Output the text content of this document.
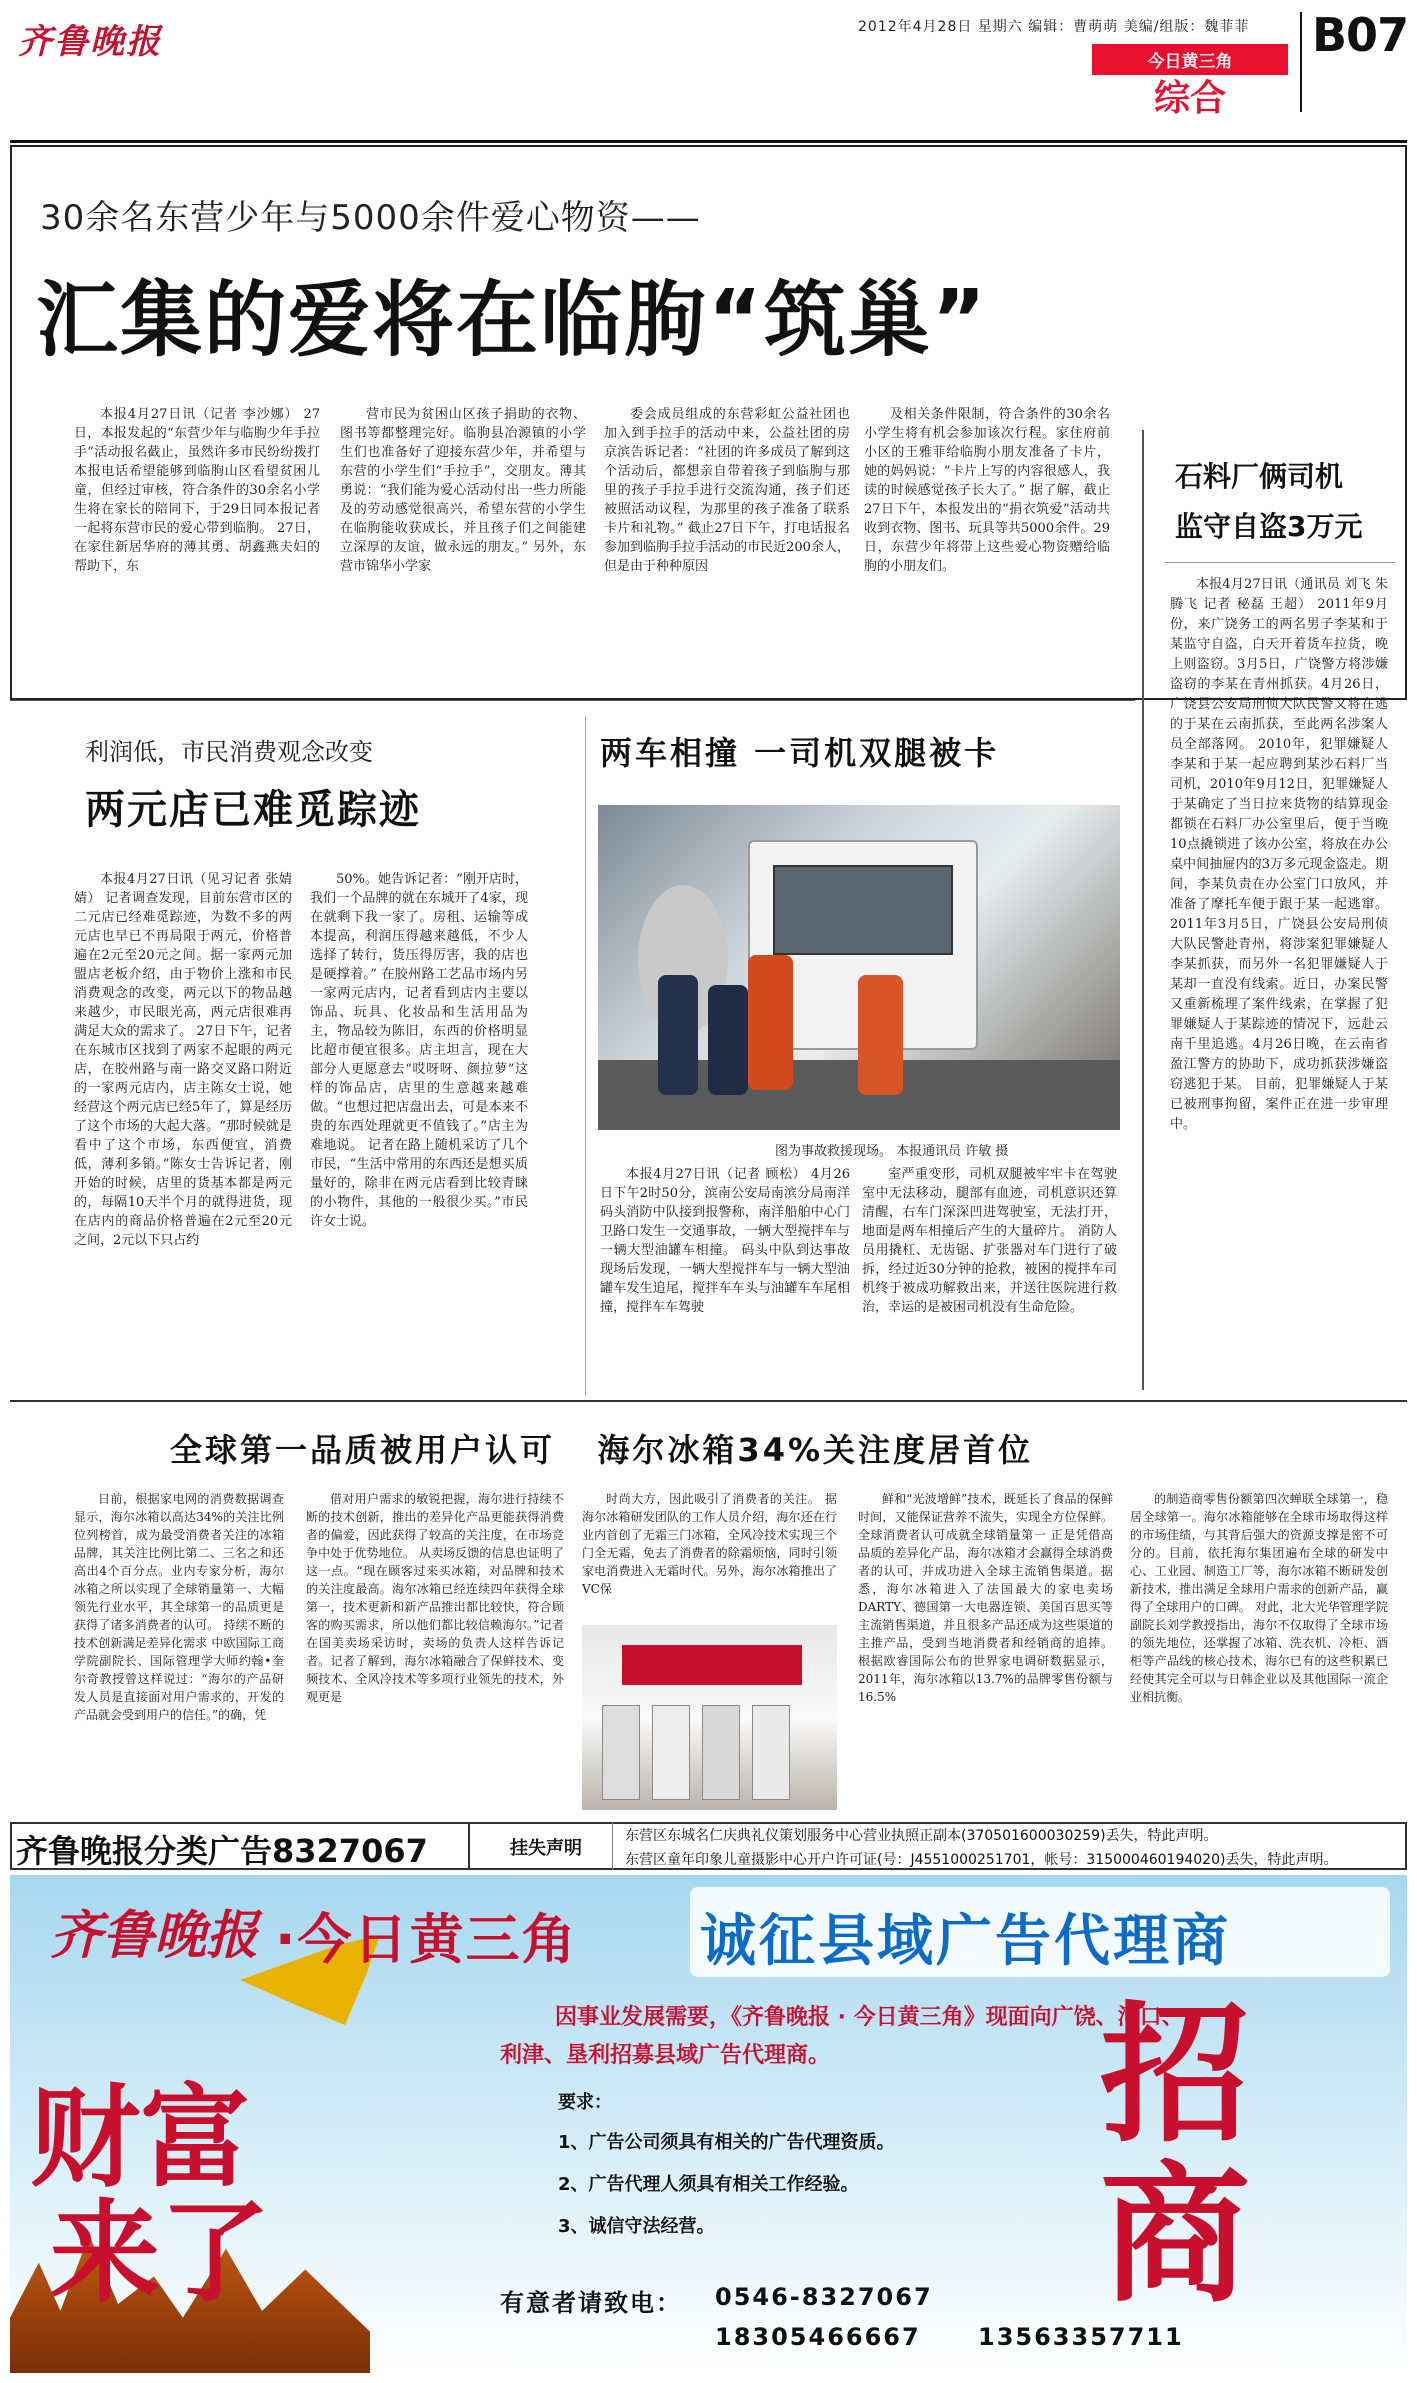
齐鲁晚报	2012年4月28日 星期六 编辑：曹萌萌 美编/组版：魏菲菲
今日黄三角
综合
B07
30余名东营少年与5000余件爱心物资——
汇集的爱将在临朐“筑巢”

本报4月27日讯（记者 李沙娜） 27日，本报发起的“东营少年与临朐少年手拉手”活动报名截止，虽然许多市民纷纷拨打本报电话希望能够到临朐山区看望贫困儿童，但经过审核，符合条件的30余名小学生将在家长的陪同下，于29日同本报记者一起将东营市民的爱心带到临朐。 27日，在家住新居华府的薄其勇、胡鑫燕夫妇的帮助下，东

营市民为贫困山区孩子捐助的衣物、图书等都整理完好。临朐县冶源镇的小学生们也准备好了迎接东营少年，并希望与东营的小学生们“手拉手”，交朋友。薄其勇说：“我们能为爱心活动付出一些力所能及的劳动感觉很高兴，希望东营的小学生在临朐能收获成长，并且孩子们之间能建立深厚的友谊，做永远的朋友。” 另外，东营市锦华小学家

委会成员组成的东营彩虹公益社团也加入到手拉手的活动中来，公益社团的房京滨告诉记者：“社团的许多成员了解到这个活动后，都想亲自带着孩子到临朐与那里的孩子手拉手进行交流沟通，孩子们还被照活动议程，为那里的孩子准备了联系卡片和礼物。” 截止27日下午，打电话报名参加到临朐手拉手活动的市民近200余人，但是由于种种原因

及相关条件限制，符合条件的30余名小学生将有机会参加该次行程。家住府前小区的王雅菲给临朐小朋友准备了卡片，她的妈妈说：“卡片上写的内容很感人，我读的时候感觉孩子长大了。” 据了解，截止27日下午，本报发出的“捐衣筑爱”活动共收到衣物、图书、玩具等共5000余件。29日，东营少年将带上这些爱心物资赠给临朐的小朋友们。

石料厂俩司机
监守自盗3万元

本报4月27日讯（通讯员 刘飞 朱腾飞 记者 秘磊 王超） 2011年9月份，来广饶务工的两名男子李某和于某监守自盗，白天开着货车拉货，晚上则盗窃。3月5日，广饶警方将涉嫌盗窃的李某在青州抓获。4月26日，广饶县公安局刑侦大队民警又将在逃的于某在云南抓获，至此两名涉案人员全部落网。 2010年，犯罪嫌疑人李某和于某一起应聘到某沙石料厂当司机，2010年9月12日，犯罪嫌疑人于某确定了当日拉来货物的结算现金都锁在石料厂办公室里后，便于当晚10点撬锁进了该办公室，将放在办公桌中间抽屉内的3万多元现金盗走。期间，李某负责在办公室门口放风，并准备了摩托车便于跟于某一起逃窜。 2011年3月5日，广饶县公安局刑侦大队民警赴青州，将涉案犯罪嫌疑人李某抓获，而另外一名犯罪嫌疑人于某却一直没有线索。近日，办案民警又重新梳理了案件线索，在掌握了犯罪嫌疑人于某踪迹的情况下，远赴云南千里追逃。4月26日晚，在云南省盈江警方的协助下，成功抓获涉嫌盗窃逃犯于某。 目前，犯罪嫌疑人于某已被刑事拘留，案件正在进一步审理中。

利润低，市民消费观念改变
两元店已难觅踪迹

本报4月27日讯（见习记者 张婧婧） 记者调查发现，目前东营市区的二元店已经难觅踪迹，为数不多的两元店也早已不再局限于两元，价格普遍在2元至20元之间。据一家两元加盟店老板介绍，由于物价上涨和市民消费观念的改变，两元以下的物品越来越少，市民眼光高，两元店很难再满足大众的需求了。 27日下午，记者在东城市区找到了两家不起眼的两元店，在胶州路与南一路交叉路口附近的一家两元店内，店主陈女士说，她经营这个两元店已经5年了，算是经历了这个市场的大起大落。“那时候就是看中了这个市场，东西便宜，消费低，薄利多销。”陈女士告诉记者，刚开始的时候，店里的货基本都是两元的，每隔10天半个月的就得进货，现在店内的商品价格普遍在2元至20元之间，2元以下只占约

50%。她告诉记者：“刚开店时，我们一个品牌的就在东城开了4家，现在就剩下我一家了。房租、运输等成本提高，利润压得越来越低，不少人选择了转行，货压得厉害，我的店也是硬撑着。” 在胶州路工艺品市场内另一家两元店内，记者看到店内主要以饰品、玩具、化妆品和生活用品为主，物品较为陈旧，东西的价格明显比超市便宜很多。店主坦言，现在大部分人更愿意去“哎呀呀、颜拉萝”这样的饰品店，店里的生意越来越难做。“也想过把店盘出去，可是本来不贵的东西处理就更不值钱了。”店主为难地说。 记者在路上随机采访了几个市民，“生活中常用的东西还是想买质量好的，除非在两元店看到比较青睐的小物件，其他的一般很少买。”市民许女士说。

两车相撞 一司机双腿被卡
图为事故救援现场。 本报通讯员 许敏 摄

本报4月27日讯（记者 顾松） 4月26日下午2时50分，滨南公安局南滨分局南洋码头消防中队接到报警称，南洋船舶中心门卫路口发生一交通事故，一辆大型搅拌车与一辆大型油罐车相撞。 码头中队到达事故现场后发现，一辆大型搅拌车与一辆大型油罐车发生追尾，搅拌车车头与油罐车车尾相撞，搅拌车车驾驶

室严重变形，司机双腿被牢牢卡在驾驶室中无法移动，腿部有血迹，司机意识还算清醒，右车门深深凹进驾驶室，无法打开，地面是两车相撞后产生的大量碎片。 消防人员用撬杠、无齿锯、扩张器对车门进行了破拆，经过近30分钟的抢救，被困的搅拌车司机终于被成功解救出来，并送往医院进行救治，幸运的是被困司机没有生命危险。

全球第一品质被用户认可   海尔冰箱34%关注度居首位

日前，根据家电网的消费数据调查显示，海尔冰箱以高达34%的关注比例位列榜首，成为最受消费者关注的冰箱品牌，其关注比例比第二、三名之和还高出4个百分点。业内专家分析，海尔冰箱之所以实现了全球销量第一、大幅领先行业水平，其全球第一的品质更是获得了诸多消费者的认可。 持续不断的技术创新满足差异化需求 中欧国际工商学院副院长、国际管理学大师约翰•奎尔奇教授曾这样说过：“海尔的产品研发人员是直接面对用户需求的，开发的产品就会受到用户的信任。”的确，凭

借对用户需求的敏锐把握，海尔进行持续不断的技术创新，推出的差异化产品更能获得消费者的偏爱，因此获得了较高的关注度，在市场竞争中处于优势地位。 从卖场反馈的信息也证明了这一点。“现在顾客过来买冰箱，对品牌和技术的关注度最高。海尔冰箱已经连续四年获得全球第一，技术更新和新产品推出都比较快，符合顾客的购买需求，所以他们都比较信赖海尔。”记者在国美卖场采访时，卖场的负责人这样告诉记者。记者了解到，海尔冰箱融合了保鲜技术、变频技术、全风冷技术等多项行业领先的技术，外观更是

时尚大方，因此吸引了消费者的关注。 据海尔冰箱研发团队的工作人员介绍，海尔还在行业内首创了无霜三门冰箱，全风冷技术实现三个门全无霜，免去了消费者的除霜烦恼，同时引领家电消费进入无霜时代。另外，海尔冰箱推出了VC保

鲜和“光波增鲜”技术，既延长了食品的保鲜时间，又能保证营养不流失，实现全方位保鲜。 全球消费者认可成就全球销量第一 正是凭借高品质的差异化产品，海尔冰箱才会赢得全球消费者的认可，并成功进入全球主流销售渠道。据悉，海尔冰箱进入了法国最大的家电卖场DARTY、德国第一大电器连锁、美国百思买等主流销售渠道，并且很多产品还成为这些渠道的主推产品，受到当地消费者和经销商的追捧。 根据欧睿国际公布的世界家电调研数据显示，2011年，海尔冰箱以13.7%的品牌零售份额与16.5%

的制造商零售份额第四次蝉联全球第一，稳居全球第一。海尔冰箱能够在全球市场取得这样的市场佳绩，与其背后强大的资源支撑是密不可分的。目前，依托海尔集团遍布全球的研发中心、工业园、制造工厂等，海尔冰箱不断研发创新技术，推出满足全球用户需求的创新产品，赢得了全球用户的口碑。 对此，北大光华管理学院副院长刘学教授指出，海尔不仅取得了全球市场的领先地位，还掌握了冰箱、洗衣机、冷柜、酒柜等产品线的核心技术，海尔已有的这些积累已经使其完全可以与日韩企业以及其他国际一流企业相抗衡。

齐鲁晚报分类广告8327067	挂失声明
东营区东城名仁庆典礼仪策划服务中心营业执照正副本(370501600030259)丢失，特此声明。
东营区童年印象儿童摄影中心开户许可证(号：J4551000251701，帐号：315000460194020)丢失，特此声明。
齐鲁晚报 ·今日黄三角 诚征县域广告代理商
财富
来了
因事业发展需要，《齐鲁晚报 · 今日黄三角》现面向广饶、河口、
利津、垦利招募县域广告代理商。
要求：
1、广告公司须具有相关的广告代理资质。
2、广告代理人须具有相关工作经验。
3、诚信守法经营。
有意者请致电： 0546-8327067
18305466667 13563357711
招商
